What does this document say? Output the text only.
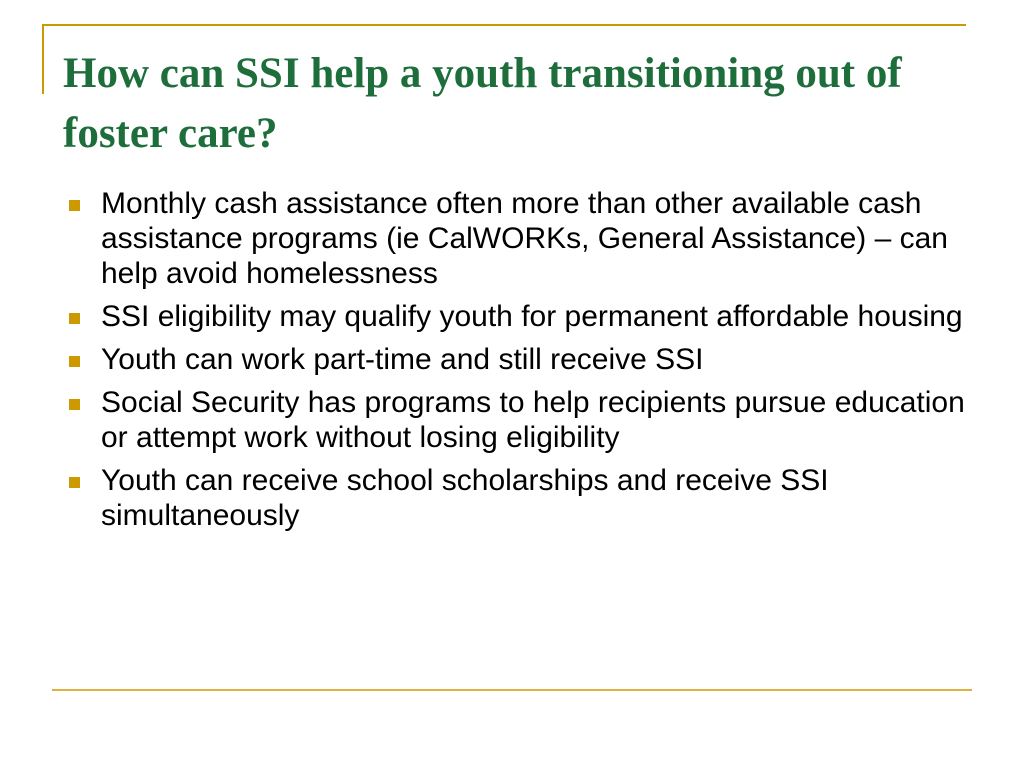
How can SSI help a youth transitioning out of foster care?
Monthly cash assistance often more than other available cash assistance programs (ie CalWORKs, General Assistance) – can help avoid homelessness
SSI eligibility may qualify youth for permanent affordable housing
Youth can work part-time and still receive SSI
Social Security has programs to help recipients pursue education or attempt work without losing eligibility
Youth can receive school scholarships and receive SSI simultaneously
